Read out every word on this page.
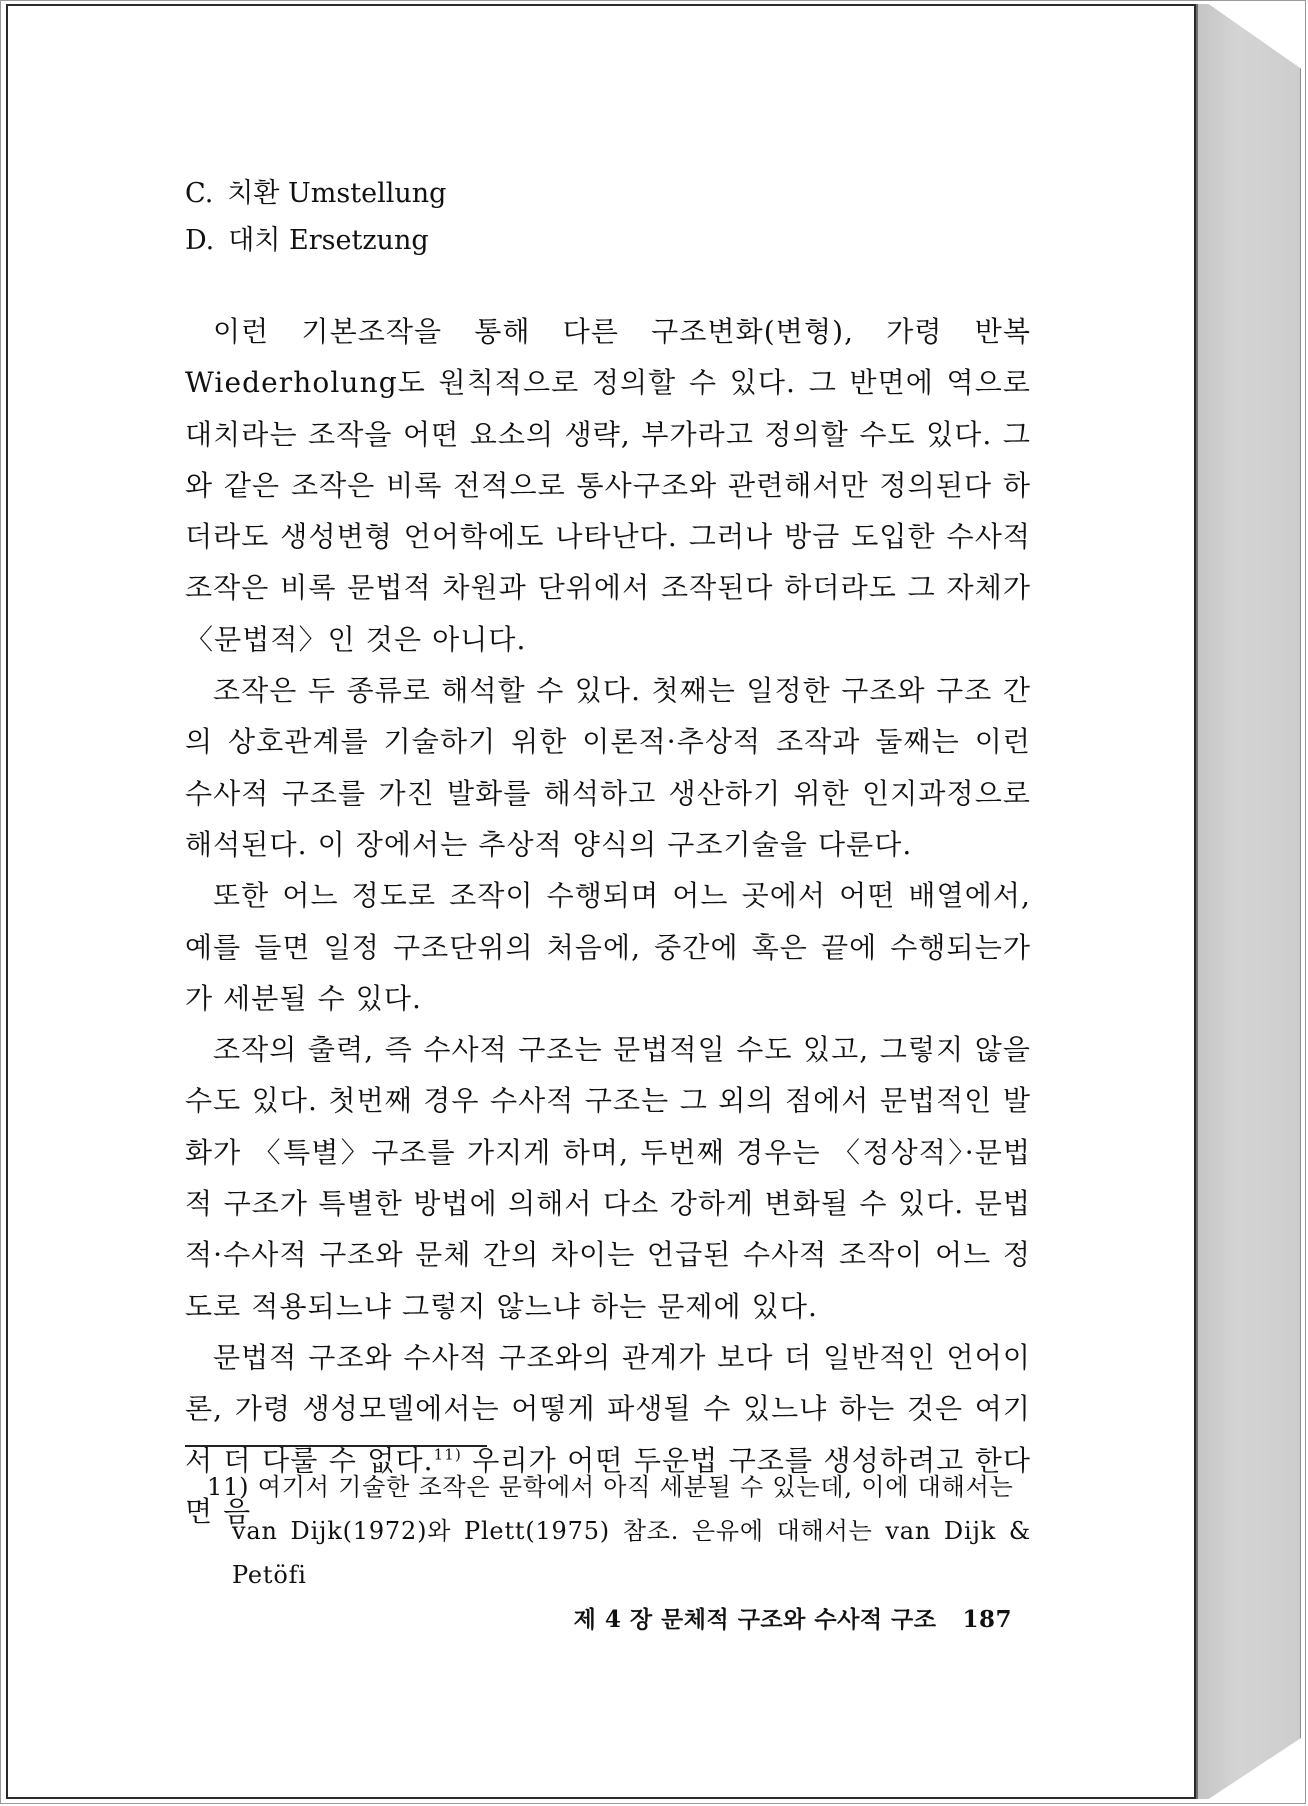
C. 치환 Umstellung
D. 대치 Ersetzung

이런 기본조작을 통해 다른 구조변화(변형), 가령 반복 Wiederholung도 원칙적으로 정의할 수 있다. 그 반면에 역으로 대치라는 조작을 어떤 요소의 생략, 부가라고 정의할 수도 있다. 그와 같은 조작은 비록 전적으로 통사구조와 관련해서만 정의된다 하더라도 생성변형 언어학에도 나타난다. 그러나 방금 도입한 수사적 조작은 비록 문법적 차원과 단위에서 조작된다 하더라도 그 자체가 〈문법적〉인 것은 아니다.

조작은 두 종류로 해석할 수 있다. 첫째는 일정한 구조와 구조 간의 상호관계를 기술하기 위한 이론적·추상적 조작과 둘째는 이런 수사적 구조를 가진 발화를 해석하고 생산하기 위한 인지과정으로 해석된다. 이 장에서는 추상적 양식의 구조기술을 다룬다.

또한 어느 정도로 조작이 수행되며 어느 곳에서 어떤 배열에서, 예를 들면 일정 구조단위의 처음에, 중간에 혹은 끝에 수행되는가가 세분될 수 있다.

조작의 출력, 즉 수사적 구조는 문법적일 수도 있고, 그렇지 않을 수도 있다. 첫번째 경우 수사적 구조는 그 외의 점에서 문법적인 발화가 〈특별〉구조를 가지게 하며, 두번째 경우는 〈정상적〉·문법적 구조가 특별한 방법에 의해서 다소 강하게 변화될 수 있다. 문법적·수사적 구조와 문체 간의 차이는 언급된 수사적 조작이 어느 정도로 적용되느냐 그렇지 않느냐 하는 문제에 있다.

문법적 구조와 수사적 구조와의 관계가 보다 더 일반적인 언어이론, 가령 생성모델에서는 어떻게 파생될 수 있느냐 하는 것은 여기서 더 다룰 수 없다.$^{11)}$ 우리가 어떤 두운법 구조를 생성하려고 한다면 음

11) 여기서 기술한 조작은 문학에서 아직 세분될 수 있는데, 이에 대해서는
van Dijk(1972)와 Plett(1975) 참조. 은유에 대해서는 van Dijk & Petöfi
제 4 장 문체적 구조와 수사적 구조 187
